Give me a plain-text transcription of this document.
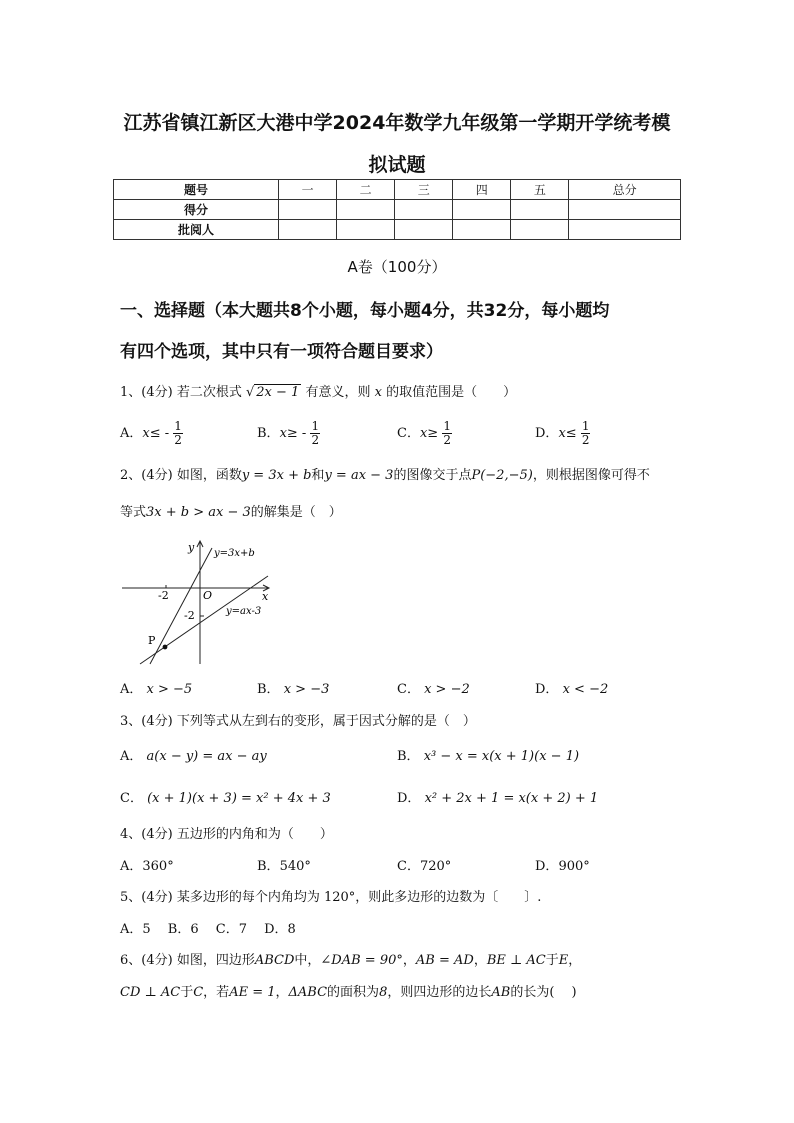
江苏省镇江新区大港中学2024年数学九年级第一学期开学统考模
拟试题
题号	一	二	三	四	五	总分
得分						
批阅人						
A卷（100分）
一、选择题（本大题共8个小题，每小题4分，共32分，每小题均
有四个选项，其中只有一项符合题目要求）
1、(4分) 若二次根式 √ 2x − 1 有意义，则 x 的取值范围是（　　）
A．$x\le - \frac{1}{2}$	B．$x\ge - \frac{1}{2}$	C．$x\ge \frac{1}{2}$	D．$x\le \frac{1}{2}$
2、(4分) 如图，函数y = 3x + b和y = ax − 3的图像交于点P(−2,−5)，则根据图像可得不
等式3x + b > ax − 3的解集是（　）
y
x
O
-2
-2
y=3x+b
y=ax-3
P
A． x > −5	B． x > −3	C． x > −2	D． x < −2
3、(4分) 下列等式从左到右的变形，属于因式分解的是（　）
A． a(x − y) = ax − ay	B． x³ − x = x(x + 1)(x − 1)
C． (x + 1)(x + 3) = x² + 4x + 3	D． x² + 2x + 1 = x(x + 2) + 1
4、(4分) 五边形的内角和为（　　）
A．360°	B．540°	C．720°	D．900°
5、(4分) 某多边形的每个内角均为 120°，则此多边形的边数为〔　　〕.
A．5　 B．6　 C．7　 D．8
6、(4分) 如图，四边形ABCD中，∠DAB = 90°，AB = AD，BE ⊥ AC于E，
CD ⊥ AC于C，若AE = 1，ΔABC的面积为8，则四边形的边长AB的长为(　 )
